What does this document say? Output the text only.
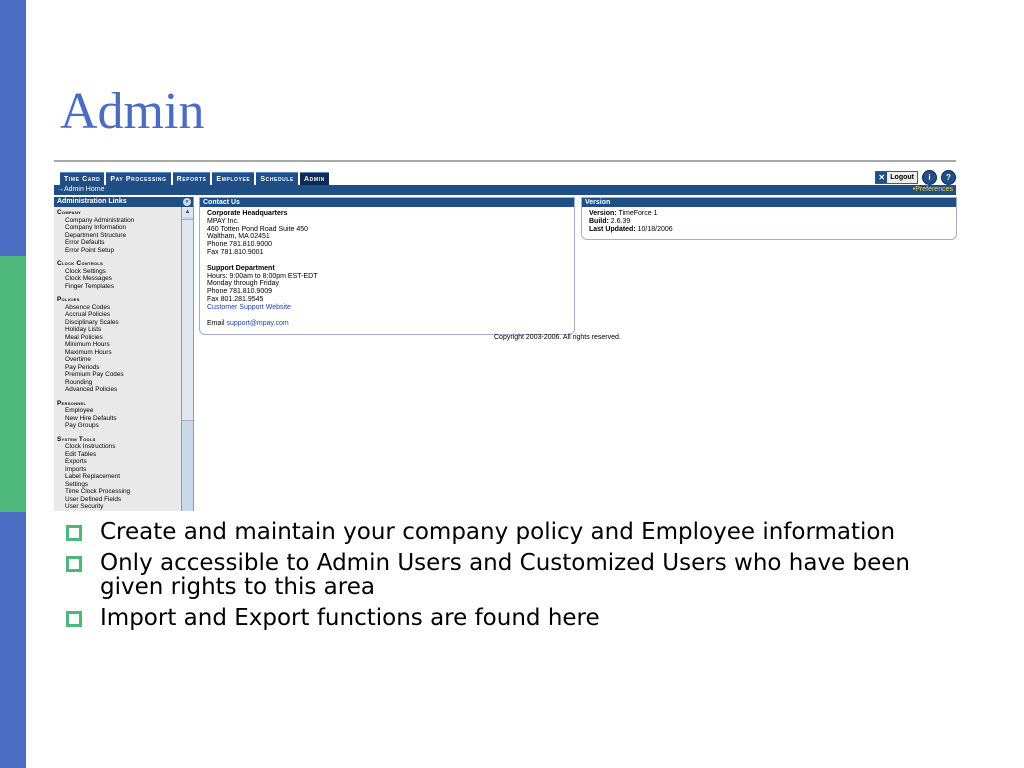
Admin
Time Card	Pay Processing	Reports	Employee	Schedule	Admin	✕ Logout	i	?
→Admin Home	•Preferences
Administration Links	«
Company
Company Administration
Company Information
Department Structure
Error Defaults
Error Point Setup
Clock Controls
Clock Settings
Clock Messages
Finger Templates
Policies
Absence Codes
Accrual Policies
Disciplinary Scales
Holiday Lists
Meal Policies
Minimum Hours
Maximum Hours
Overtime
Pay Periods
Premium Pay Codes
Rounding
Advanced Policies
Personnel
Employee
New Hire Defaults
Pay Groups
System Tools
Clock Instructions
Edit Tables
Exports
Imports
Label Replacement
Settings
Time Clock Processing
User Defined Fields
User Security
▲
Contact Us
Corporate Headquarters
MPAY Inc.
460 Totten Pond Road Suite 450
Waltham, MA 02451
Phone 781.810.9000
Fax 781.810.9001
Support Department
Hours: 9:00am to 8:00pm EST-EDT
Monday through Friday
Phone 781.810.9009
Fax 801.281.9545
Customer Support Website
Email support@mpay.com
Version
Version: TimeForce 1
Build: 2.6.39
Last Updated: 10/18/2006
Copyright 2003-2006. All rights reserved.
Create and maintain your company policy and Employee information
Only accessible to Admin Users and Customized Users who have been given rights to this area
Import and Export functions are found here
